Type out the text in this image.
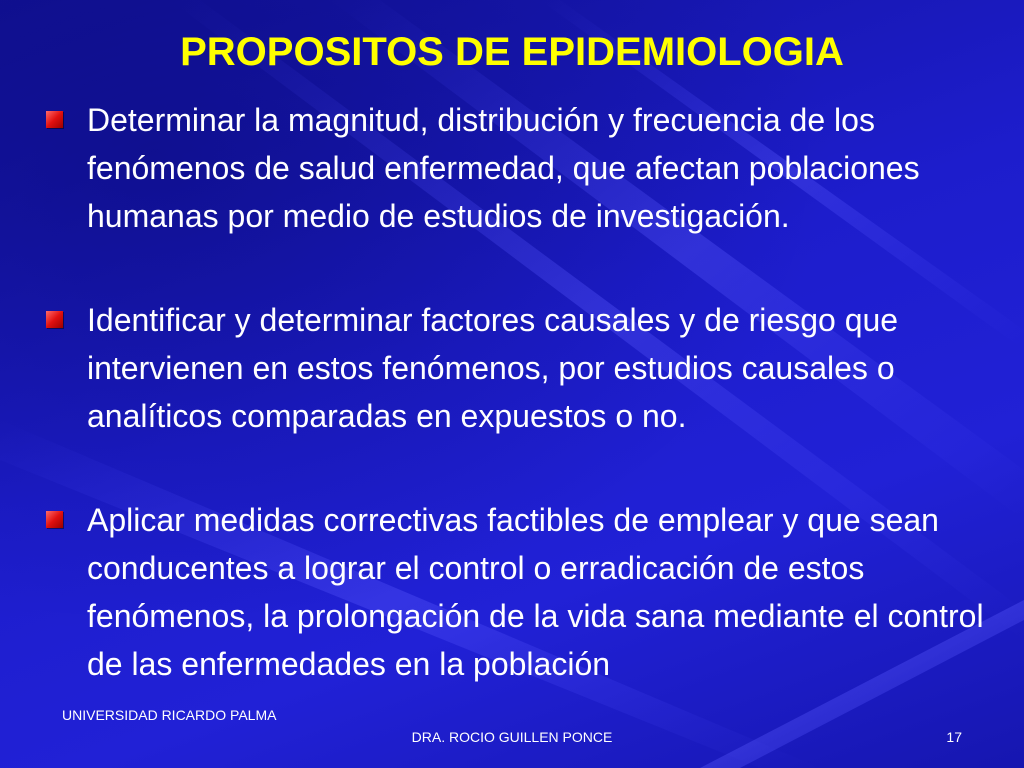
PROPOSITOS DE EPIDEMIOLOGIA
Determinar la magnitud, distribución y frecuencia de los fenómenos de salud enfermedad, que afectan poblaciones humanas por medio de estudios de investigación.
Identificar y determinar factores causales y de riesgo que intervienen en estos fenómenos, por estudios causales o analíticos comparadas en expuestos o no.
Aplicar medidas correctivas factibles de emplear y que sean conducentes a lograr el control o erradicación de estos fenómenos, la prolongación de la vida sana mediante el control de las enfermedades en la población
UNIVERSIDAD RICARDO PALMA
DRA. ROCIO GUILLEN PONCE	17
